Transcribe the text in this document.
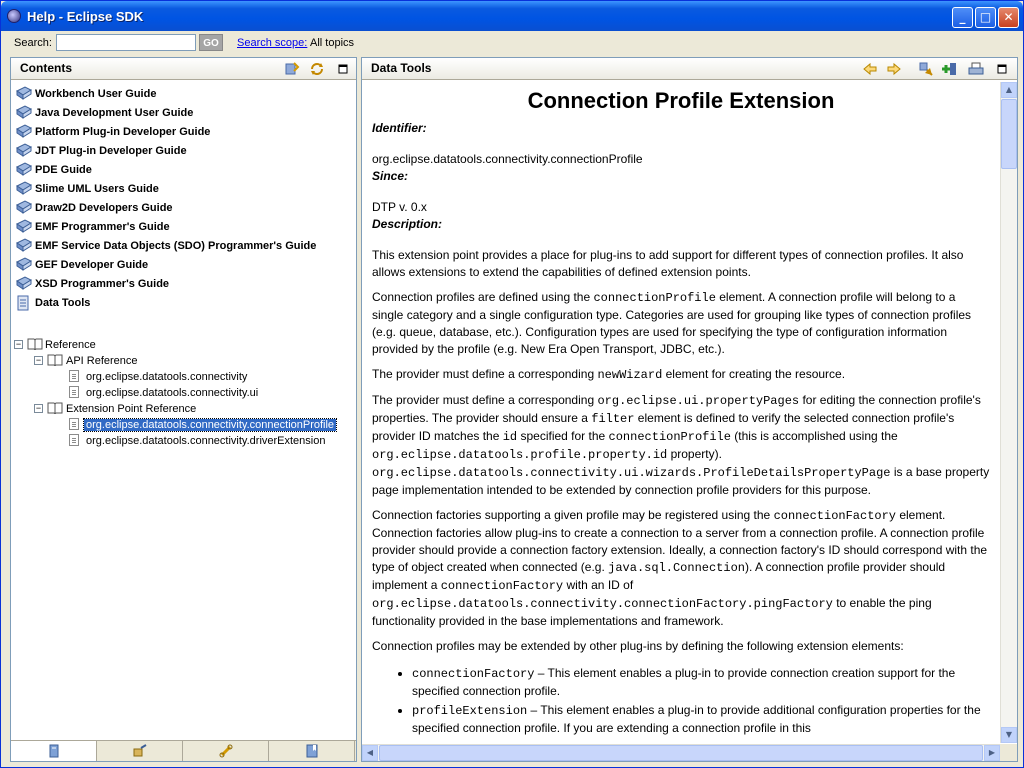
Help - Eclipse SDK	_	□	✕
Search:	GO	Search scope: All topics
Contents
Workbench User Guide
Java Development User Guide
Platform Plug-in Developer Guide
JDT Plug-in Developer Guide
PDE Guide
Slime UML Users Guide
Draw2D Developers Guide
EMF Programmer's Guide
EMF Service Data Objects (SDO) Programmer's Guide
GEF Developer Guide
XSD Programmer's Guide
Data Tools
− Reference
− API Reference
org.eclipse.datatools.connectivity
org.eclipse.datatools.connectivity.ui
− Extension Point Reference
org.eclipse.datatools.connectivity.connectionProfile
org.eclipse.datatools.connectivity.driverExtension
Data Tools
Connection Profile Extension
Identifier:
org.eclipse.datatools.connectivity.connectionProfile
Since:
DTP v. 0.x
Description:

This extension point provides a place for plug-ins to add support for different types of connection profiles. It also allows extensions to extend the capabilities of defined extension points.

Connection profiles are defined using the connectionProfile element. A connection profile will belong to a single category and a single configuration type. Categories are used for grouping like types of connection profiles (e.g. queue, database, etc.). Configuration types are used for specifying the type of configuration information provided by the profile (e.g. New Era Open Transport, JDBC, etc.).

The provider must define a corresponding newWizard element for creating the resource.

The provider must define a corresponding org.eclipse.ui.propertyPages for editing the connection profile's properties. The provider should ensure a filter element is defined to verify the selected connection profile's provider ID matches the id specified for the connectionProfile (this is accomplished using the org.eclipse.datatools.profile.property.id property). org.eclipse.datatools.connectivity.ui.wizards.ProfileDetailsPropertyPage is a base property page implementation intended to be extended by connection profile providers for this purpose.

Connection factories supporting a given profile may be registered using the connectionFactory element. Connection factories allow plug-ins to create a connection to a server from a connection profile. A connection profile provider should provide a connection factory extension. Ideally, a connection factory's ID should correspond with the type of object created when connected (e.g. java.sql.Connection). A connection profile provider should implement a connectionFactory with an ID of org.eclipse.datatools.connectivity.connectionFactory.pingFactory to enable the ping functionality provided in the base implementations and framework.

Connection profiles may be extended by other plug-ins by defining the following extension elements:

• connectionFactory – This element enables a plug-in to provide connection creation support for the specified connection profile.
• profileExtension – This element enables a plug-in to provide additional configuration properties for the specified connection profile. If you are extending a connection profile in this
▲
▼
◀	▶
